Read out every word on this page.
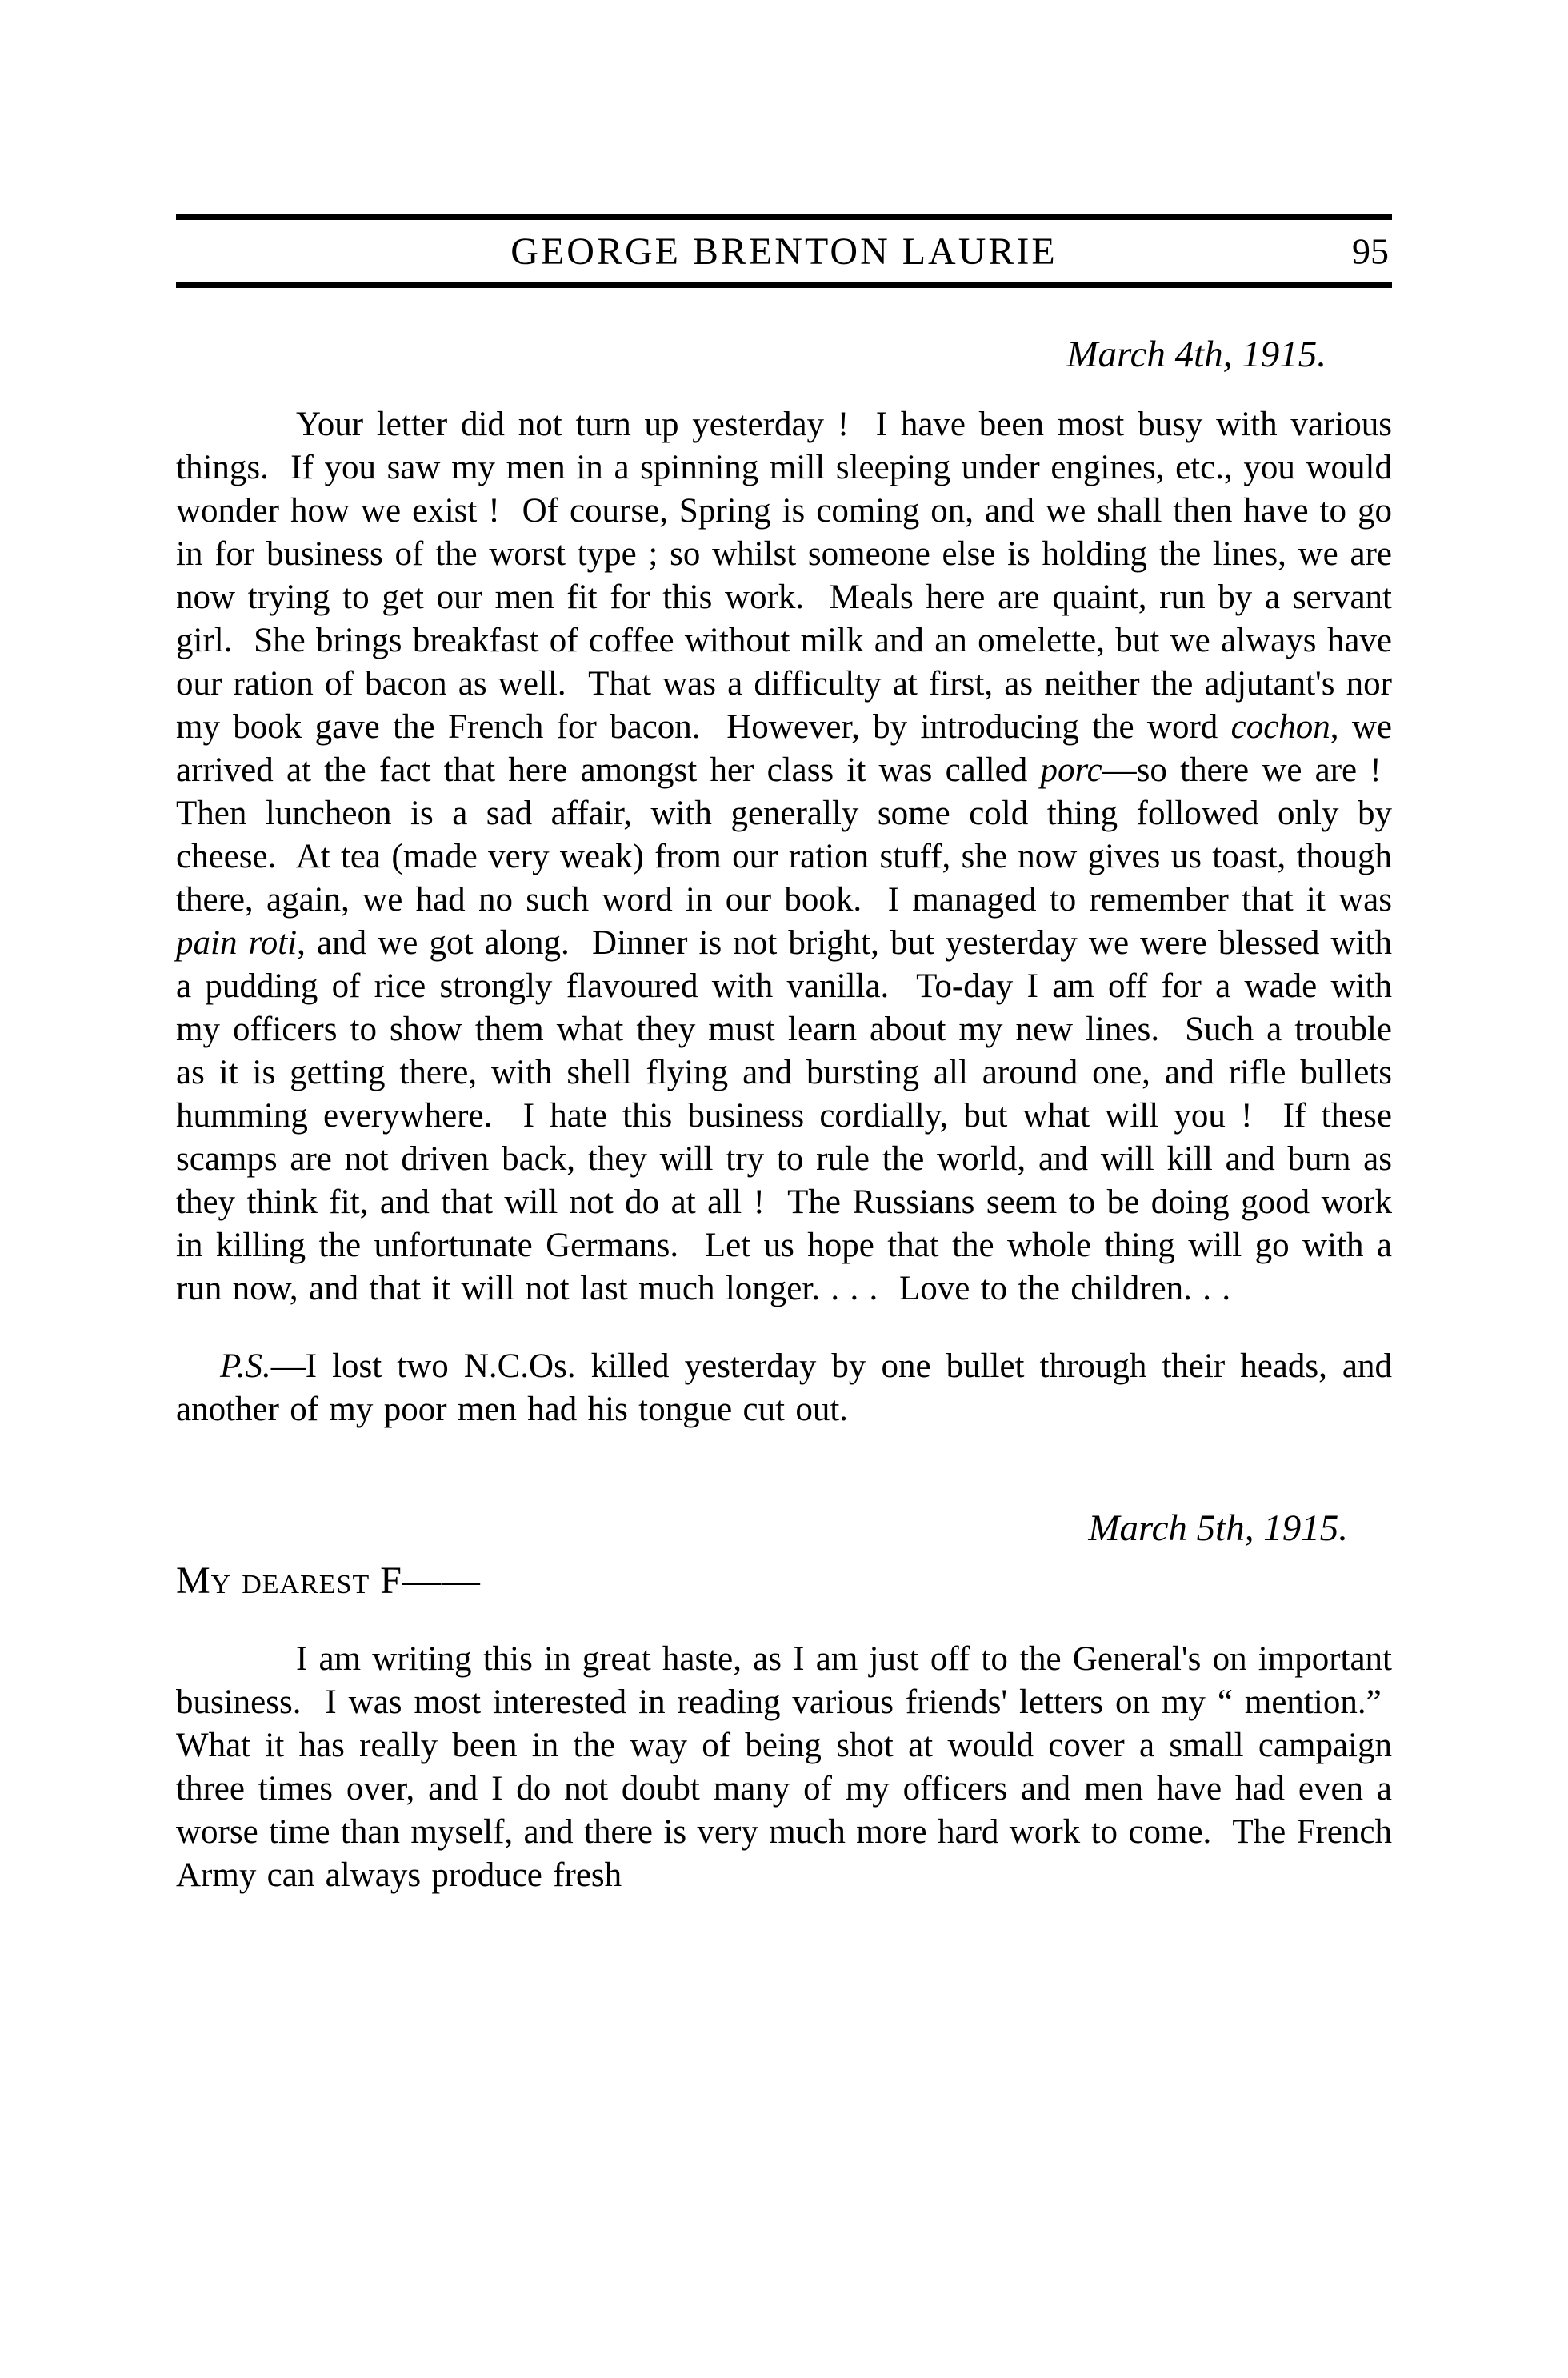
GEORGE BRENTON LAURIE	95
March 4th, 1915.

Your letter did not turn up yesterday !  I have been most busy with various things.  If you saw my men in a spinning mill sleeping under engines, etc., you would wonder how we exist !  Of course, Spring is coming on, and we shall then have to go in for business of the worst type ; so whilst someone else is holding the lines, we are now trying to get our men fit for this work.  Meals here are quaint, run by a servant girl.  She brings breakfast of coffee without milk and an omelette, but we always have our ration of bacon as well.  That was a difficulty at first, as neither the adjutant's nor my book gave the French for bacon.  However, by introducing the word cochon, we arrived at the fact that here amongst her class it was called porc—so there we are !  Then luncheon is a sad affair, with generally some cold thing followed only by cheese.  At tea (made very weak) from our ration stuff, she now gives us toast, though there, again, we had no such word in our book.  I managed to remember that it was pain roti, and we got along.  Dinner is not bright, but yesterday we were blessed with a pudding of rice strongly flavoured with vanilla.  To-day I am off for a wade with my officers to show them what they must learn about my new lines.  Such a trouble as it is getting there, with shell flying and bursting all around one, and rifle bullets humming everywhere.  I hate this business cordially, but what will you !  If these scamps are not driven back, they will try to rule the world, and will kill and burn as they think fit, and that will not do at all !  The Russians seem to be doing good work in killing the unfortunate Germans.  Let us hope that the whole thing will go with a run now, and that it will not last much longer. . . .  Love to the children. . .

P.S.—I lost two N.C.Os. killed yesterday by one bullet through their heads, and another of my poor men had his tongue cut out.

March 5th, 1915.
My dearest F——

I am writing this in great haste, as I am just off to the General's on important business.  I was most interested in reading various friends' letters on my “ mention.”  What it has really been in the way of being shot at would cover a small campaign three times over, and I do not doubt many of my officers and men have had even a worse time than myself, and there is very much more hard work to come.  The French Army can always produce fresh
